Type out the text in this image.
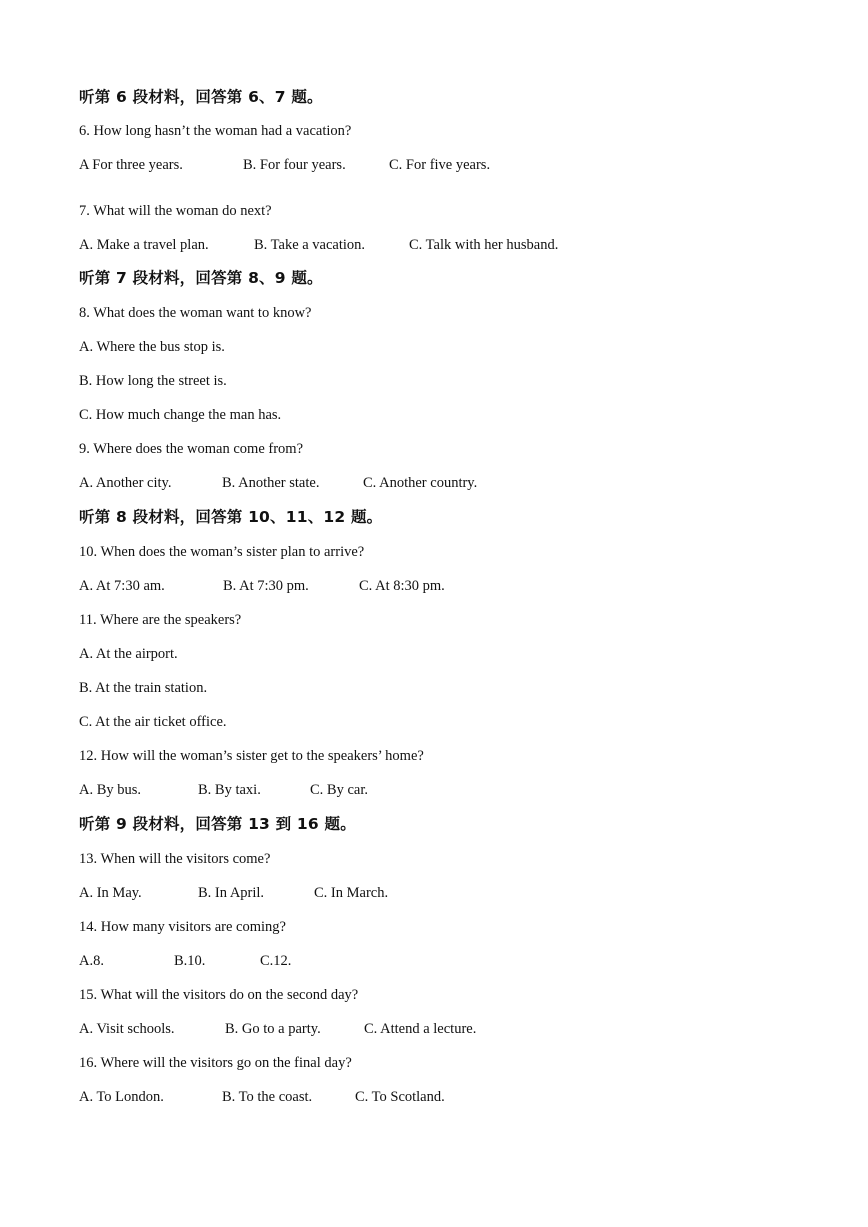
听第 6 段材料，回答第 6、7 题。
6. How long hasn’t the woman had a vacation?
A For three years.	B. For four years.	C. For five years.
7. What will the woman do next?
A. Make a travel plan.	B. Take a vacation.	C. Talk with her husband.
听第 7 段材料，回答第 8、9 题。
8. What does the woman want to know?
A. Where the bus stop is.
B. How long the street is.
C. How much change the man has.
9. Where does the woman come from?
A. Another city.	B. Another state.	C. Another country.
听第 8 段材料，回答第 10、11、12 题。
10. When does the woman’s sister plan to arrive?
A. At 7:30 am.	B. At 7:30 pm.	C. At 8:30 pm.
11. Where are the speakers?
A. At the airport.
B. At the train station.
C. At the air ticket office.
12. How will the woman’s sister get to the speakers’ home?
A. By bus.	B. By taxi.	C. By car.
听第 9 段材料，回答第 13 到 16 题。
13. When will the visitors come?
A. In May.	B. In April.	C. In March.
14. How many visitors are coming?
A.8.	B.10.	C.12.
15. What will the visitors do on the second day?
A. Visit schools.	B. Go to a party.	C. Attend a lecture.
16. Where will the visitors go on the final day?
A. To London.	B. To the coast.	C. To Scotland.
